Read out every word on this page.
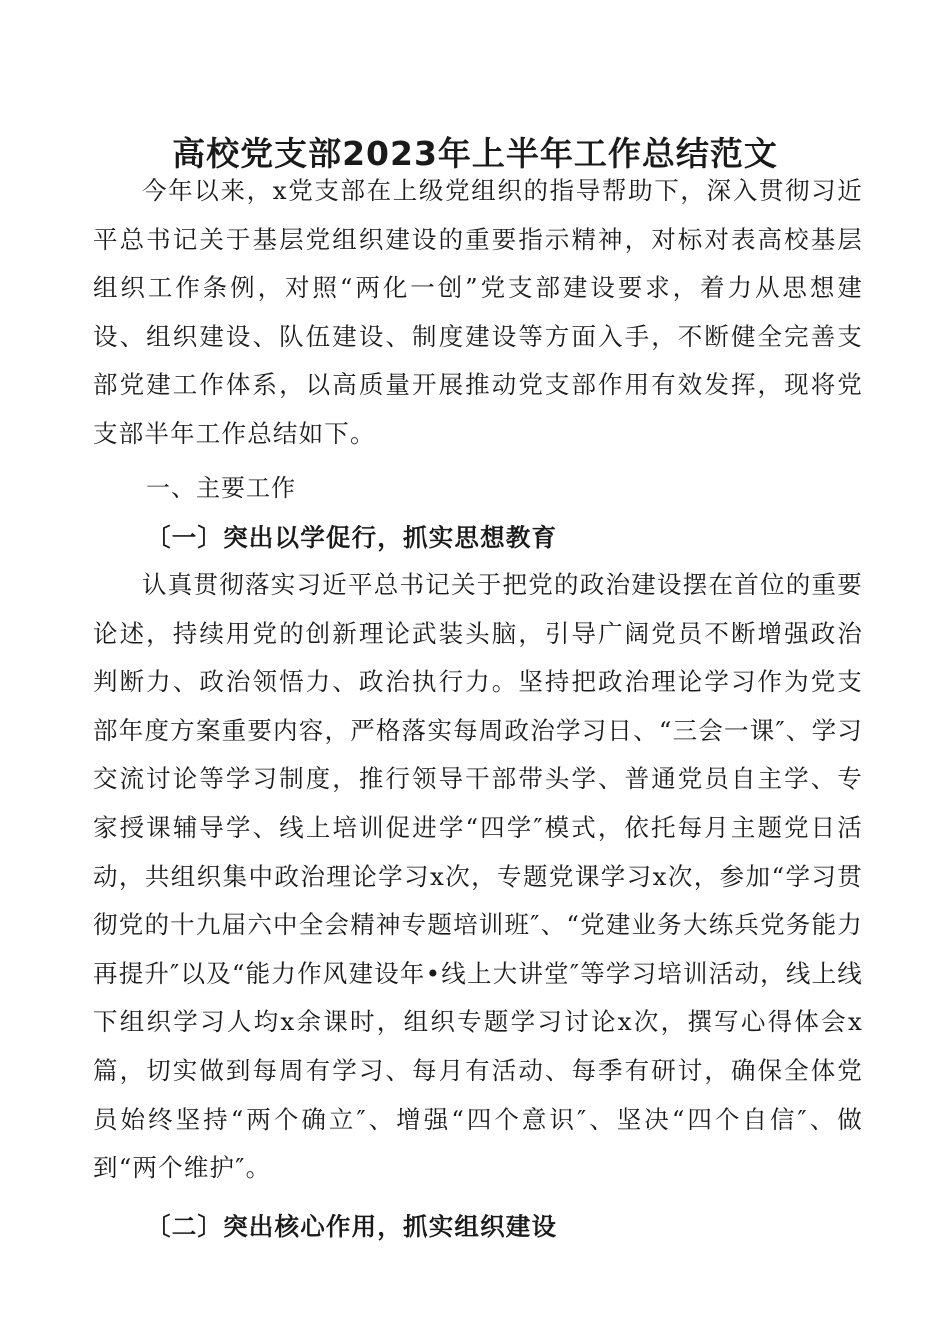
高校党支部2023年上半年工作总结范文

今年以来，x党支部在上级党组织的指导帮助下，深入贯彻习近平总书记关于基层党组织建设的重要指示精神，对标对表高校基层组织工作条例，对照“两化一创”党支部建设要求，着力从思想建设、组织建设、队伍建设、制度建设等方面入手，不断健全完善支部党建工作体系，以高质量开展推动党支部作用有效发挥，现将党支部半年工作总结如下。

一、主要工作
〔一〕突出以学促行，抓实思想教育

认真贯彻落实习近平总书记关于把党的政治建设摆在首位的重要论述，持续用党的创新理论武装头脑，引导广阔党员不断增强政治判断力、政治领悟力、政治执行力。坚持把政治理论学习作为党支部年度方案重要内容，严格落实每周政治学习日、“三会一课″、学习交流讨论等学习制度，推行领导干部带头学、普通党员自主学、专家授课辅导学、线上培训促进学“四学″模式，依托每月主题党日活动，共组织集中政治理论学习x次，专题党课学习x次，参加“学习贯彻党的十九届六中全会精神专题培训班″、“党建业务大练兵党务能力再提升″以及“能力作风建设年•线上大讲堂″等学习培训活动，线上线下组织学习人均x余课时，组织专题学习讨论x次，撰写心得体会x篇，切实做到每周有学习、每月有活动、每季有研讨，确保全体党员始终坚持“两个确立″、增强“四个意识″、坚决“四个自信″、做到“两个维护″。

〔二〕突出核心作用，抓实组织建设
